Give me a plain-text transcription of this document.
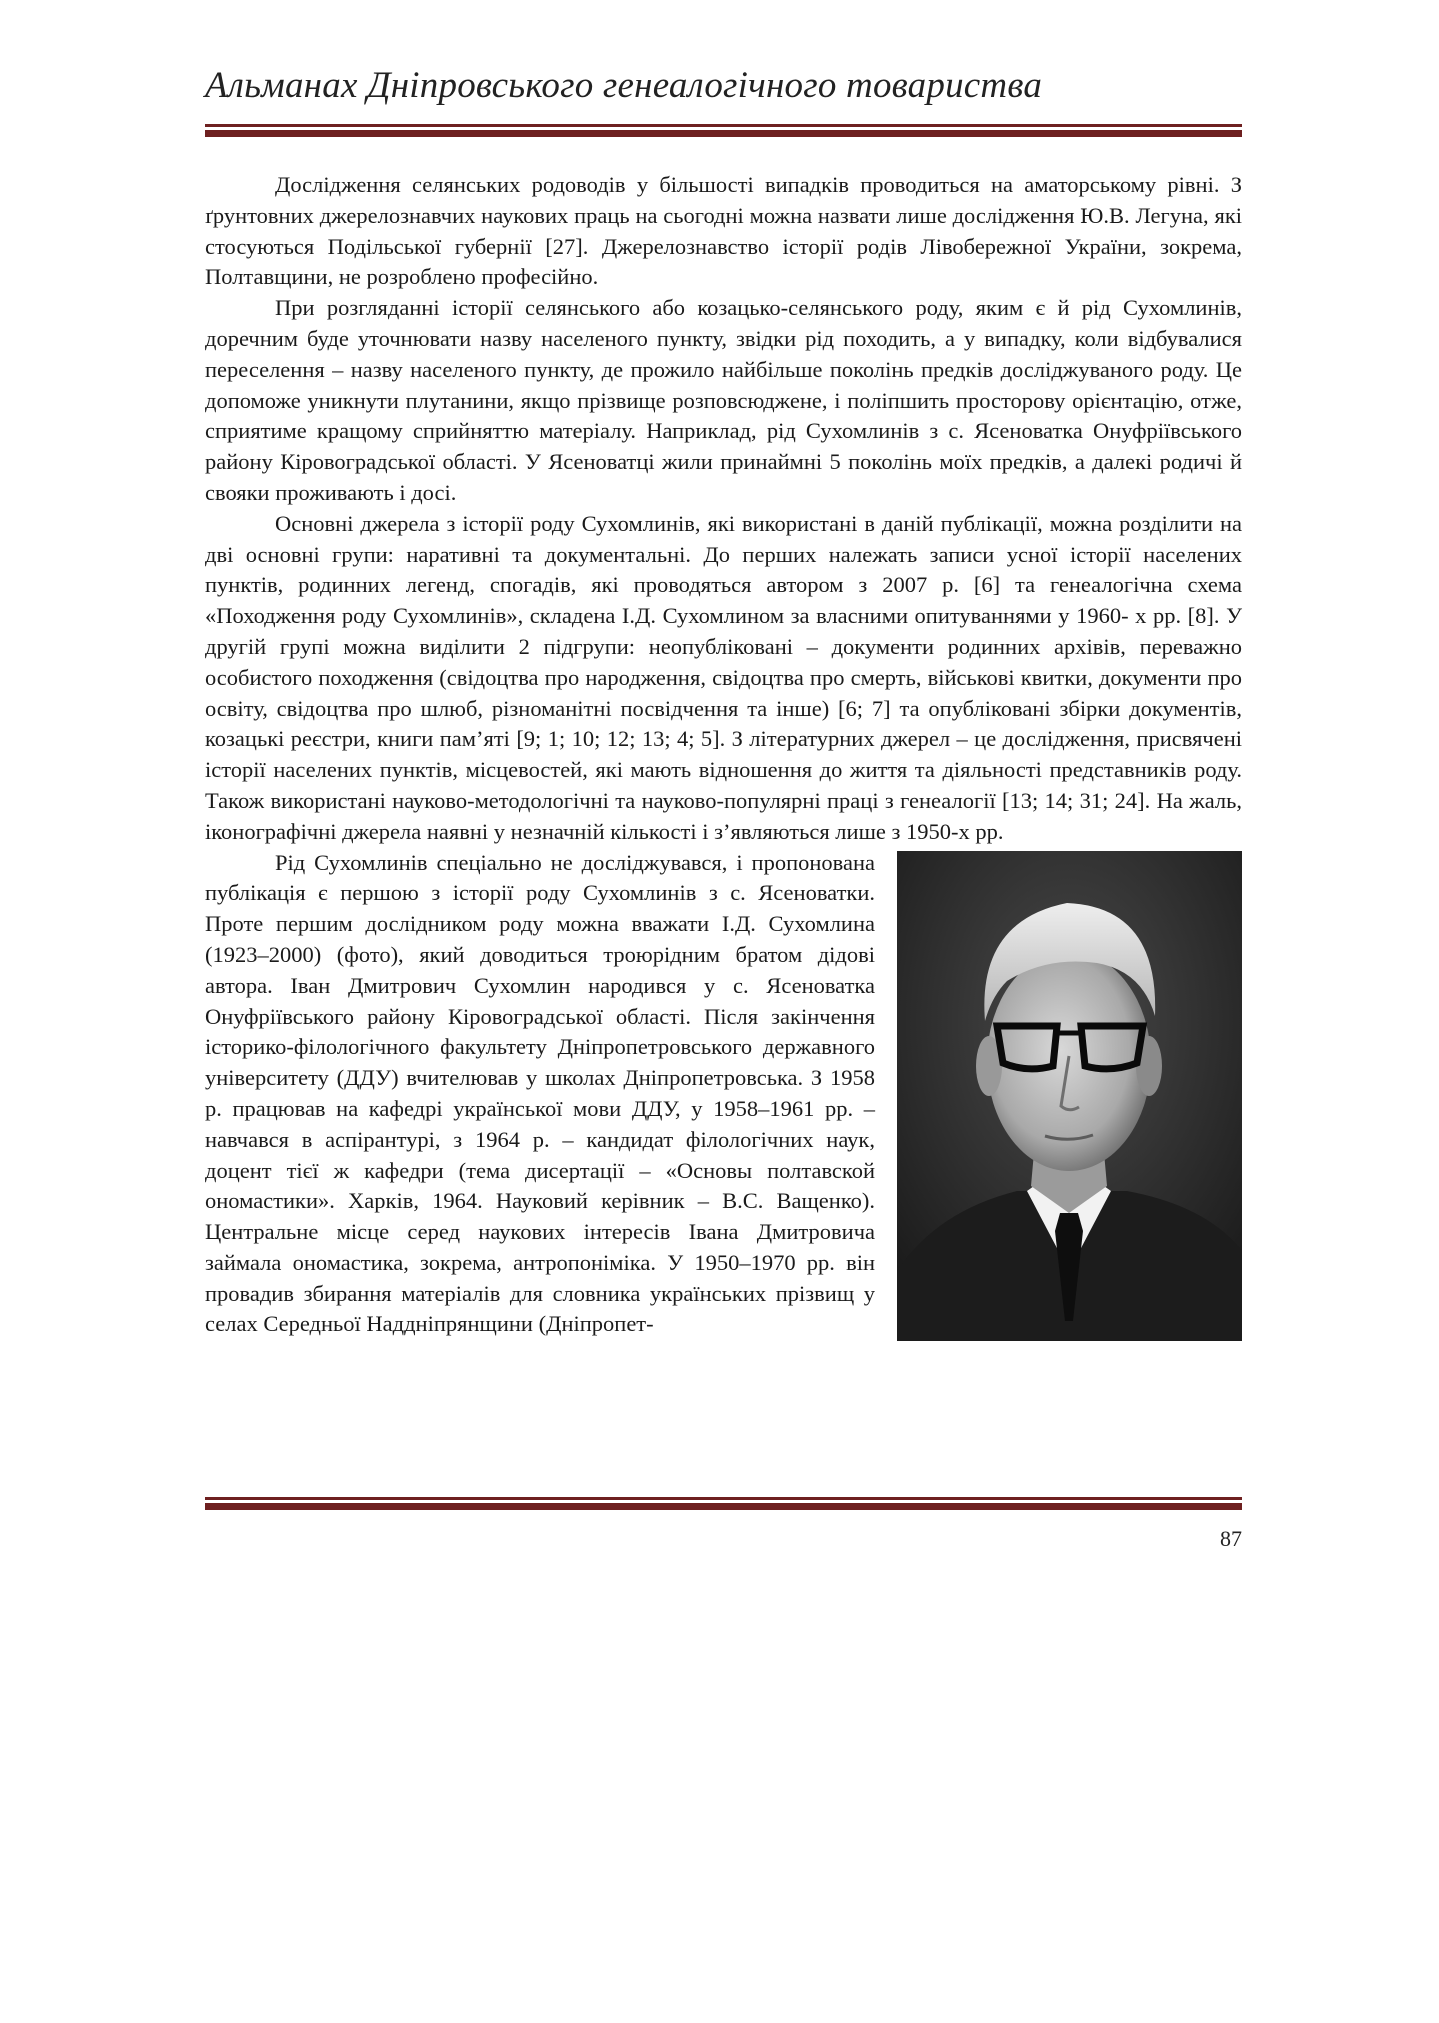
Альманах Дніпровського генеалогічного товариства

Дослідження селянських родоводів у більшості випадків проводиться на аматорському рівні. З ґрунтовних джерелознавчих наукових праць на сьогодні можна назвати лише дослідження Ю.В. Легуна, які стосуються Подільської губернії [27]. Джерелознавство історії родів Лівобережної України, зокрема, Полтавщини, не розроблено професійно.

При розгляданні історії селянського або козацько-селянського роду, яким є й рід Сухомлинів, доречним буде уточнювати назву населеного пункту, звідки рід походить, а у випадку, коли відбувалися переселення – назву населеного пункту, де прожило найбільше поколінь предків досліджуваного роду. Це допоможе уникнути плутанини, якщо прізвище розповсюджене, і поліпшить просторову орієнтацію, отже, сприятиме кращому сприйняттю матеріалу. Наприклад, рід Сухомлинів з с. Ясеноватка Онуфріївського району Кіровоградської області. У Ясеноватці жили принаймні 5 поколінь моїх предків, а далекі родичі й свояки проживають і досі.

Основні джерела з історії роду Сухомлинів, які використані в даній публікації, можна розділити на дві основні групи: наративні та документальні. До перших належать записи усної історії населених пунктів, родинних легенд, спогадів, які проводяться автором з 2007 р. [6] та генеалогічна схема «Походження роду Сухомлинів», складена І.Д. Сухомлином за власними опитуваннями у 1960- х рр. [8]. У другій групі можна виділити 2 підгрупи: неопубліковані – документи родинних архівів, переважно особистого походження (свідоцтва про народження, свідоцтва про смерть, військові квитки, документи про освіту, свідоцтва про шлюб, різноманітні посвідчення та інше) [6; 7] та опубліковані збірки документів, козацькі реєстри, книги пам’яті [9; 1; 10; 12; 13; 4; 5]. З літературних джерел – це дослідження, присвячені історії населених пунктів, місцевостей, які мають відношення до життя та діяльності представників роду. Також використані науково-методологічні та науково-популярні праці з генеалогії [13; 14; 31; 24]. На жаль, іконографічні джерела наявні у незначній кількості і з’являються лише з 1950-х рр.

Рід Сухомлинів спеціально не досліджувався, і пропонована публікація є першою з історії роду Сухомлинів з с. Ясеноватки. Проте першим дослідником роду можна вважати І.Д. Сухомлина (1923–2000) (фото), який доводиться троюрідним братом дідові автора. Іван Дмитрович Сухомлин народився у с. Ясеноватка Онуфріївського району Кіровоградської області. Після закінчення історико-філологічного факультету Дніпропетровського державного університету (ДДУ) вчителював у школах Дніпропетровська. З 1958 р. працював на кафедрі української мови ДДУ, у 1958–1961 рр. – навчався в аспірантурі, з 1964 р. – кандидат філологічних наук, доцент тієї ж кафедри (тема дисертації – «Основы полтавской ономастики». Харків, 1964. Науковий керівник – В.С. Ващенко). Центральне місце серед наукових інтересів Івана Дмитровича займала ономастика, зокрема, антропоніміка. У 1950–1970 рр. він провадив збирання матеріалів для словника українських прізвищ у селах Середньої Наддніпрянщини (Дніпропет-

87
